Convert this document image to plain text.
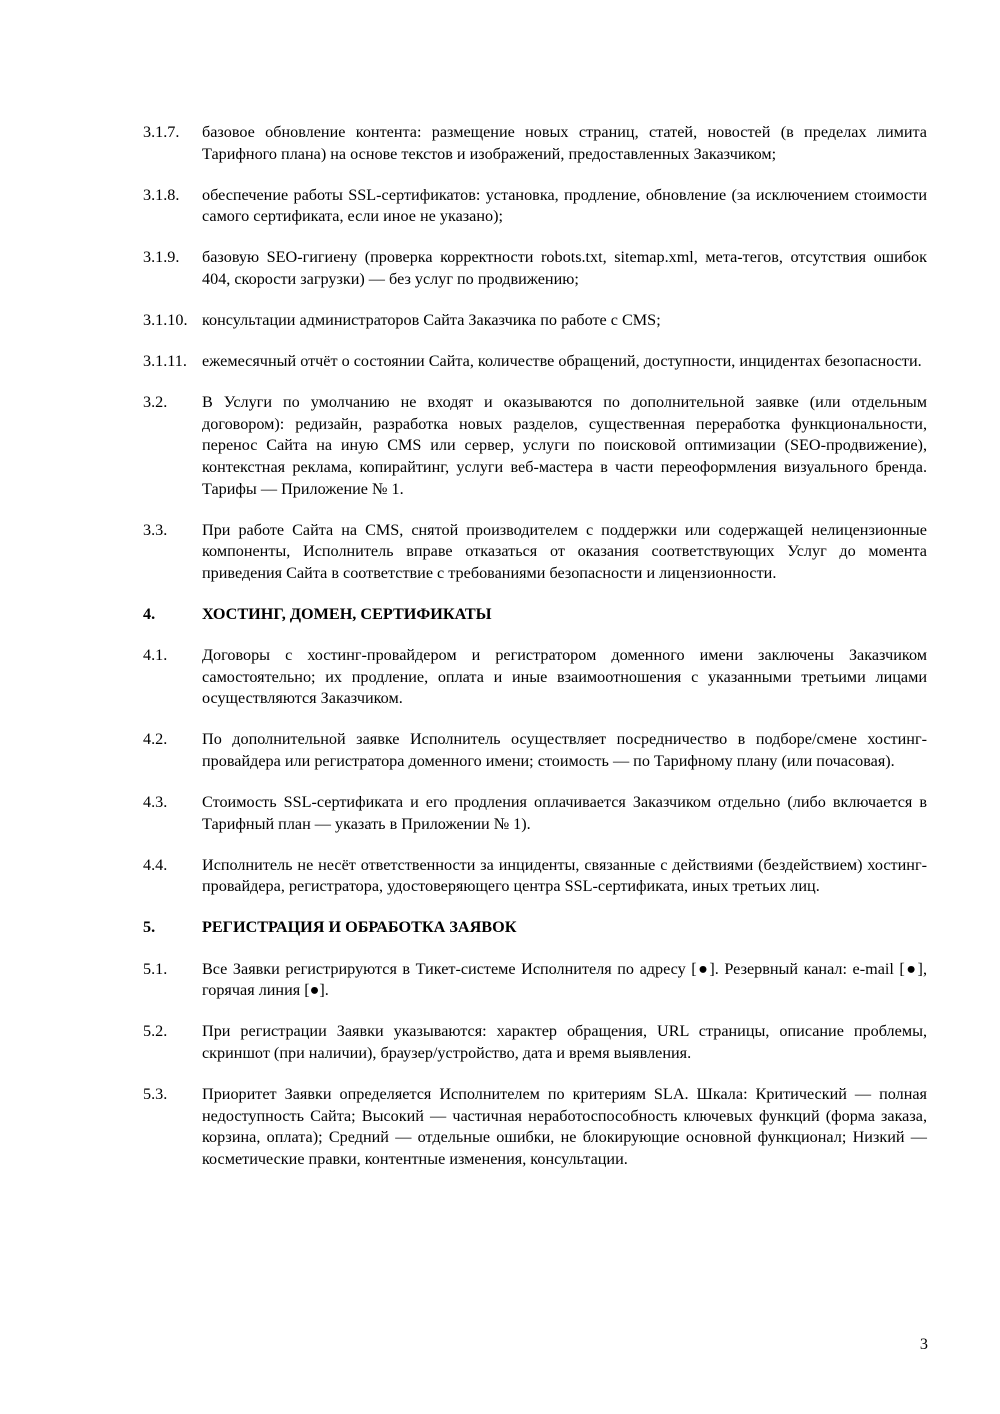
3.1.7.	базовое обновление контента: размещение новых страниц, статей, новостей (в пределах лимита Тарифного плана) на основе текстов и изображений, предоставленных Заказчиком;
3.1.8.	обеспечение работы SSL-сертификатов: установка, продление, обновление (за исключением стоимости самого сертификата, если иное не указано);
3.1.9.	базовую SEO-гигиену (проверка корректности robots.txt, sitemap.xml, мета-тегов, отсутствия ошибок 404, скорости загрузки) — без услуг по продвижению;
3.1.10. консультации администраторов Сайта Заказчика по работе с CMS;
3.1.11. ежемесячный отчёт о состоянии Сайта, количестве обращений, доступности, инцидентах безопасности.
3.2.	В Услуги по умолчанию не входят и оказываются по дополнительной заявке (или отдельным договором): редизайн, разработка новых разделов, существенная переработка функциональности, перенос Сайта на иную CMS или сервер, услуги по поисковой оптимизации (SEO-продвижение), контекстная реклама, копирайтинг, услуги веб-мастера в части переоформления визуального бренда. Тарифы — Приложение № 1.
3.3.	При работе Сайта на CMS, снятой производителем с поддержки или содержащей нелицензионные компоненты, Исполнитель вправе отказаться от оказания соответствующих Услуг до момента приведения Сайта в соответствие с требованиями безопасности и лицензионности.
4.	ХОСТИНГ, ДОМЕН, СЕРТИФИКАТЫ
4.1.	Договоры с хостинг-провайдером и регистратором доменного имени заключены Заказчиком самостоятельно; их продление, оплата и иные взаимоотношения с указанными третьими лицами осуществляются Заказчиком.
4.2.	По дополнительной заявке Исполнитель осуществляет посредничество в подборе/смене хостинг-провайдера или регистратора доменного имени; стоимость — по Тарифному плану (или почасовая).
4.3.	Стоимость SSL-сертификата и его продления оплачивается Заказчиком отдельно (либо включается в Тарифный план — указать в Приложении № 1).
4.4.	Исполнитель не несёт ответственности за инциденты, связанные с действиями (бездействием) хостинг-провайдера, регистратора, удостоверяющего центра SSL-сертификата, иных третьих лиц.
5.	РЕГИСТРАЦИЯ И ОБРАБОТКА ЗАЯВОК
5.1.	Все Заявки регистрируются в Тикет-системе Исполнителя по адресу [●]. Резервный канал: e-mail [●], горячая линия [●].
5.2.	При регистрации Заявки указываются: характер обращения, URL страницы, описание проблемы, скриншот (при наличии), браузер/устройство, дата и время выявления.
5.3.	Приоритет Заявки определяется Исполнителем по критериям SLA. Шкала: Критический — полная недоступность Сайта; Высокий — частичная неработоспособность ключевых функций (форма заказа, корзина, оплата); Средний — отдельные ошибки, не блокирующие основной функционал; Низкий — косметические правки, контентные изменения, консультации.
3
